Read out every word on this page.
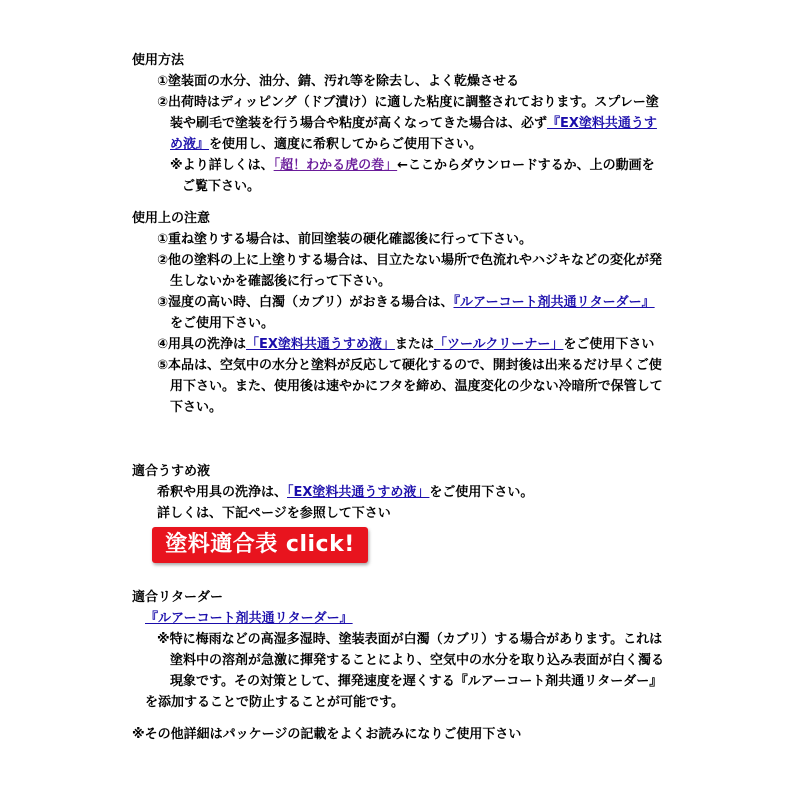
使用方法
①塗装面の水分、油分、錆、汚れ等を除去し、よく乾燥させる
②出荷時はディッピング（ドブ漬け）に適した粘度に調整されております。スプレー塗
装や刷毛で塗装を行う場合や粘度が高くなってきた場合は、必ず『EX塗料共通うす
め液』を使用し、適度に希釈してからご使用下さい。
※より詳しくは、「超！わかる虎の巻」←ここからダウンロードするか、上の動画を
ご覧下さい。
使用上の注意
①重ね塗りする場合は、前回塗装の硬化確認後に行って下さい。
②他の塗料の上に上塗りする場合は、目立たない場所で色流れやハジキなどの変化が発
生しないかを確認後に行って下さい。
③湿度の高い時、白濁（カブリ）がおきる場合は、『ルアーコート剤共通リターダー』
をご使用下さい。
④用具の洗浄は「EX塗料共通うすめ液」または「ツールクリーナー」をご使用下さい
⑤本品は、空気中の水分と塗料が反応して硬化するので、開封後は出来るだけ早くご使
用下さい。また、使用後は速やかにフタを締め、温度変化の少ない冷暗所で保管して
下さい。
適合うすめ液
希釈や用具の洗浄は、「EX塗料共通うすめ液」をご使用下さい。
詳しくは、下記ページを参照して下さい
塗料適合表 click!
適合リターダー
『ルアーコート剤共通リターダー』
※特に梅雨などの高湿多湿時、塗装表面が白濁（カブリ）する場合があります。これは
塗料中の溶剤が急激に揮発することにより、空気中の水分を取り込み表面が白く濁る
現象です。その対策として、揮発速度を遅くする『ルアーコート剤共通リターダー』
を添加することで防止することが可能です。
※その他詳細はパッケージの記載をよくお読みになりご使用下さい
